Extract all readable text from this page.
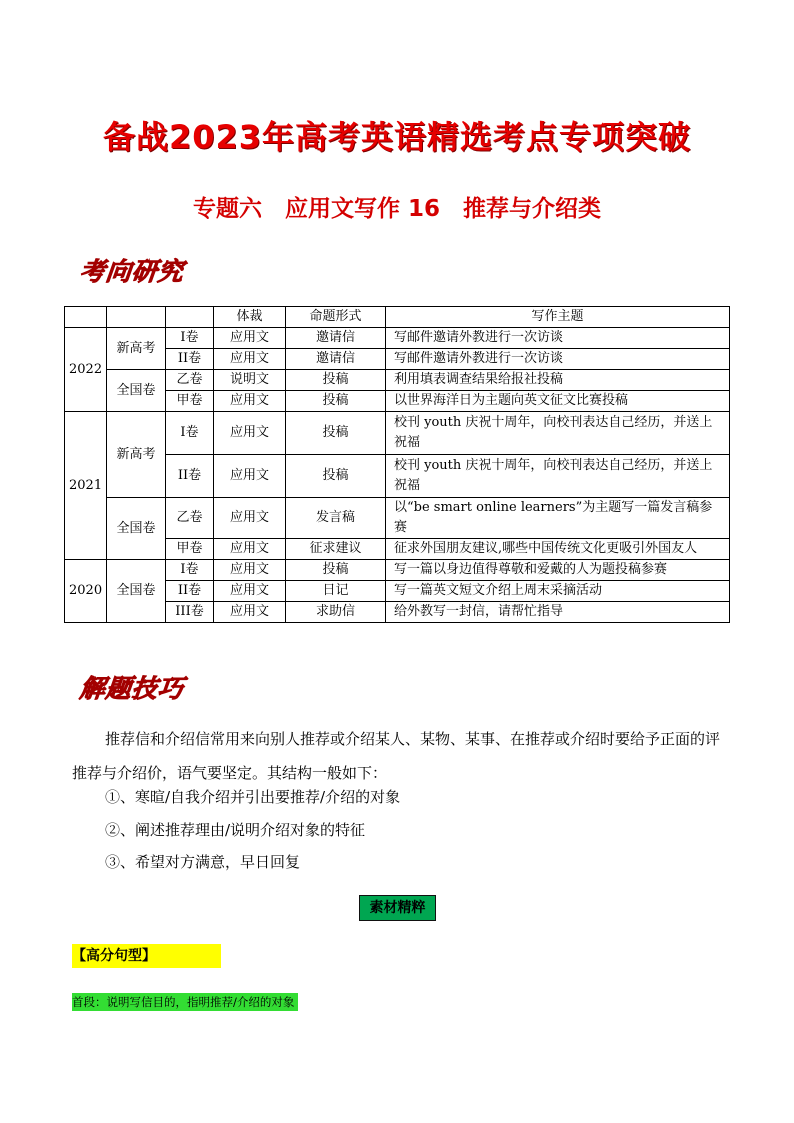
备战2023年高考英语精选考点专项突破
专题六　应用文写作 16　推荐与介绍类
考向研究
			体裁	命题形式	写作主题
2022	新高考	I卷	应用文	邀请信	写邮件邀请外教进行一次访谈
		II卷	应用文	邀请信	写邮件邀请外教进行一次访谈
	全国卷	乙卷	说明文	投稿	利用填表调查结果给报社投稿
		甲卷	应用文	投稿	以世界海洋日为主题向英文征文比赛投稿
2021	新高考	I卷	应用文	投稿	校刊 youth 庆祝十周年，向校刊表达自己经历，并送上祝福
		II卷	应用文	投稿	校刊 youth 庆祝十周年，向校刊表达自己经历，并送上祝福
	全国卷	乙卷	应用文	发言稿	以“be smart online learners”为主题写一篇发言稿参赛
		甲卷	应用文	征求建议	征求外国朋友建议,哪些中国传统文化更吸引外国友人
2020	全国卷	I卷	应用文	投稿	写一篇以身边值得尊敬和爱戴的人为题投稿参赛
		II卷	应用文	日记	写一篇英文短文介绍上周末采摘活动
		III卷	应用文	求助信	给外教写一封信，请帮忙指导
解题技巧

推荐信和介绍信常用来向别人推荐或介绍某人、某物、某事、在推荐或介绍时要给予正面的评推荐与介绍价，语气要坚定。其结构一般如下：

①、寒暄/自我介绍并引出要推荐/介绍的对象

②、阐述推荐理由/说明介绍对象的特征

③、希望对方满意，早日回复

素材精粹
【高分句型】
首段：说明写信目的，指明推荐/介绍的对象
